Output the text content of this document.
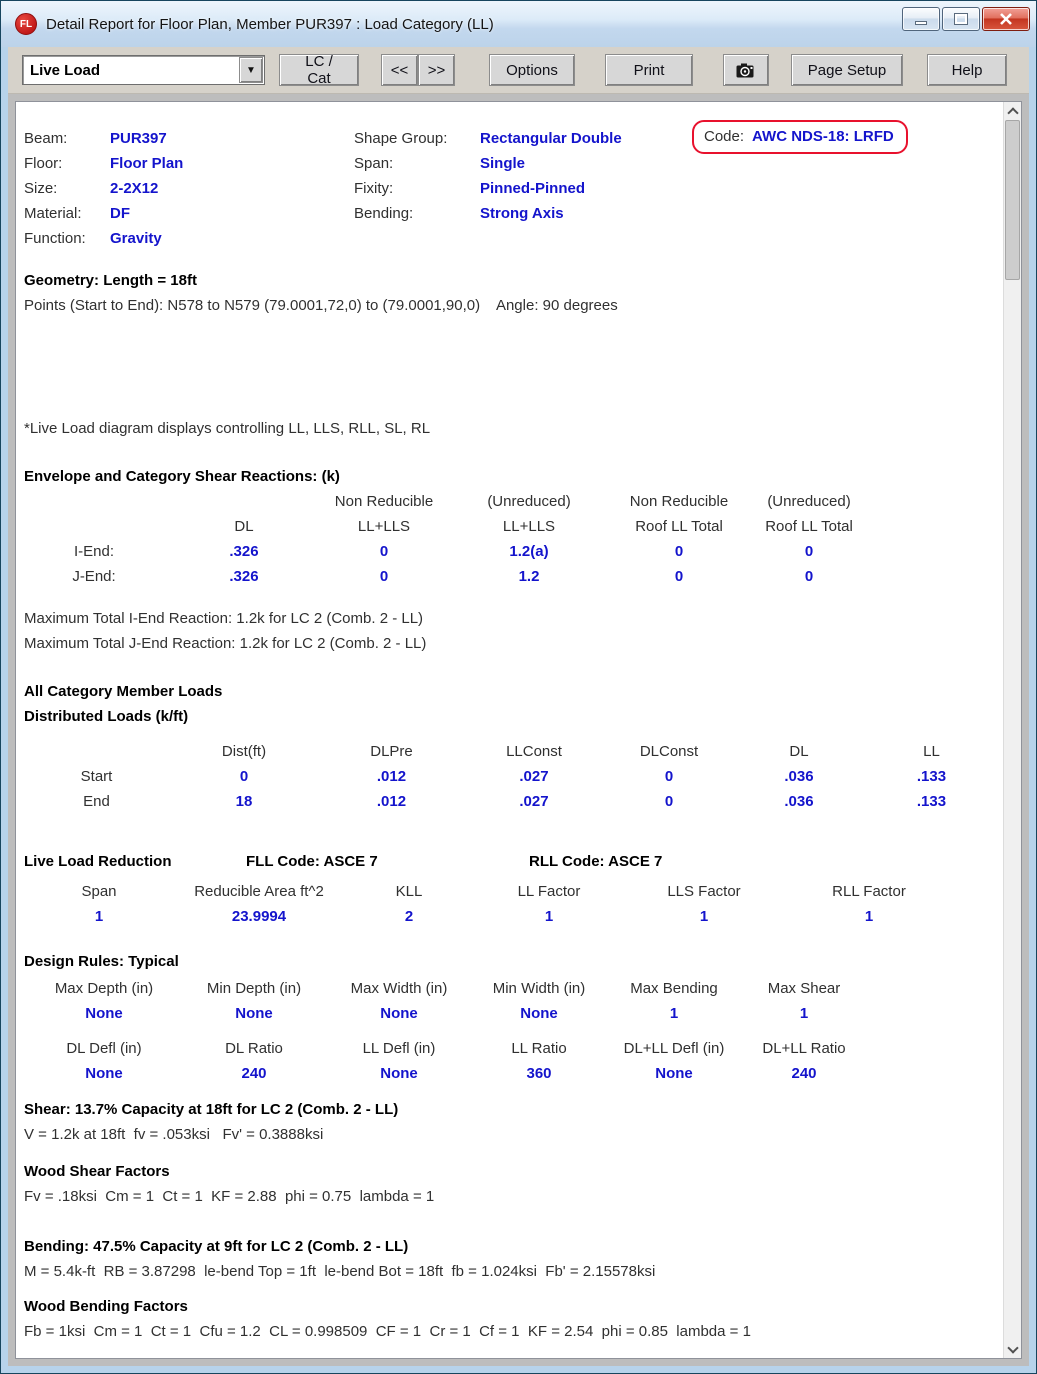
FL Detail Report for Floor Plan, Member PUR397 : Load Category (LL)
Live Load	▼	LC / Cat	<<	>>	Options	Print	Page Setup	Help
Beam:	PUR397
Floor:	Floor Plan
Size:	2-2X12
Material:	DF
Function:	Gravity
Shape Group:	Rectangular Double
Span:	Single
Fixity:	Pinned-Pinned
Bending:	Strong Axis
Code: AWC NDS-18: LRFD
Geometry: Length = 18ft
Points (Start to End): N578 to N579 (79.0001,72,0) to (79.0001,90,0)    Angle: 90 degrees
*Live Load diagram displays controlling LL, LLS, RLL, SL, RL
Envelope and Category Shear Reactions: (k)
		Non Reducible	(Unreduced)	Non Reducible	(Unreduced)
	DL	LL+LLS	LL+LLS	Roof LL Total	Roof LL Total
I-End:	.326	0	1.2(a)	0	0
J-End:	.326	0	1.2	0	0
Maximum Total I-End Reaction: 1.2k for LC 2 (Comb. 2 - LL)
Maximum Total J-End Reaction: 1.2k for LC 2 (Comb. 2 - LL)
All Category Member Loads
Distributed Loads (k/ft)
	Dist(ft)	DLPre	LLConst	DLConst	DL	LL
Start	0	.012	.027	0	.036	.133
End	18	.012	.027	0	.036	.133
Live Load Reduction	FLL Code: ASCE 7	RLL Code: ASCE 7
Span	Reducible Area ft^2	KLL	LL Factor	LLS Factor	RLL Factor
1	23.9994	2	1	1	1
Design Rules: Typical
Max Depth (in)	Min Depth (in)	Max Width (in)	Min Width (in)	Max Bending	Max Shear
None	None	None	None	1	1
DL Defl (in)	DL Ratio	LL Defl (in)	LL Ratio	DL+LL Defl (in)	DL+LL Ratio
None	240	None	360	None	240
Shear: 13.7% Capacity at 18ft for LC 2 (Comb. 2 - LL)
V = 1.2k at 18ft  fv = .053ksi   Fv' = 0.3888ksi
Wood Shear Factors
Fv = .18ksi  Cm = 1  Ct = 1  KF = 2.88  phi = 0.75  lambda = 1
Bending: 47.5% Capacity at 9ft for LC 2 (Comb. 2 - LL)
M = 5.4k-ft  RB = 3.87298  le-bend Top = 1ft  le-bend Bot = 18ft  fb = 1.024ksi  Fb' = 2.15578ksi
Wood Bending Factors
Fb = 1ksi  Cm = 1  Ct = 1  Cfu = 1.2  CL = 0.998509  CF = 1  Cr = 1  Cf = 1  KF = 2.54  phi = 0.85  lambda = 1
